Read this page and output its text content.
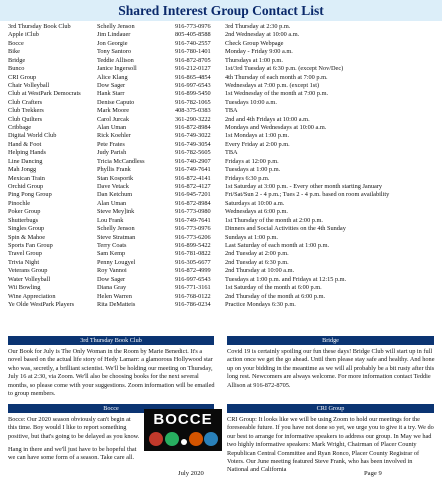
Shared Interest Group Contact List
3rd Thursday Book Club	Schelly Jenson	916-773-0976	3rd Thursday at 2:30 p.m.
Apple iClub	Jim Lindauer	805-405-8588	2nd Wednesday at 10:00 a.m.
Bocce	Jon Georgie	916-740-2557	Check Group Webpage
Bike	Tony Santoro	916-780-1401	Monday - Friday 9:00 a.m.
Bridge	Teddie Allison	916-872-8705	Thursdays at 1:00 p.m.
Bunco	Janice Ingersoll	916-212-0127	1st/3rd Tuesday at 6:30 p.m. (except Nov/Dec)
CRI Group	Alice Klang	916-865-4854	4th Thursday of each month at 7:00 p.m.
Chair Volleyball	Dow Sager	916-997-6543	Wednesdays at 7:00 p.m. (except 1st)
Club at WestPark Democrats	Hank Starr	916-899-5450	1st Wednesday of the month at 7:00 p.m.
Club Crafters	Denise Caputo	916-782-1065	Tuesdays 10:00 a.m.
Club Trekkers	Mark Moore	408-375-0383	TBA
Club Quilters	Carol Jurcak	361-290-3222	2nd and 4th Fridays at 10:00 a.m.
Cribbage	Alan Uman	916-872-8984	Mondays and Wednesdays at 10:00 a.m.
Digital World Club	Rick Koehler	916-749-3022	1st Mondays at 1:00 p.m.
Hand & Foot	Pete Frates	916-749-3054	Every Friday at 2:00 p.m.
Helping Hands	Judy Parish	916-782-5605	TBA
Line Dancing	Tricia McCandless	916-740-2907	Fridays at 12:00 p.m.
Mah Jongg	Phyllis Frank	916-749-7641	Tuesdays at 1:00 p.m.
Mexican Train	Stan Kosporik	916-872-4141	Fridays 6:30 p.m.
Orchid Group	Dave Vetack	916-872-4127	1st Saturday at 3:00 p.m. - Every other month starting January
Ping Pong Group	Dan Ketchum	916-945-7201	Fri/Sat/Sun 2 - 4 p.m.; Tues 2 - 4 p.m. based on room availability
Pinochle	Alan Uman	916-872-8984	Saturdays at 10:00 a.m.
Poker Group	Steve Mey]ink	916-773-0980	Wednesdays at 6:00 p.m.
Shutterbugs	Lou Frank	916-749-7641	1st Thursday of the month at 2:00 p.m.
Singles Group	Schelly Jenson	916-773-0976	Dinners and Social Activities on the 4th Sunday
Spin & Mahoe	Steve Stratman	916-773-6206	Sundays at 1:00 p.m.
Sports Fan Group	Terry Coats	916-899-5422	Last Saturday of each month at 1:00 p.m.
Travel Group	Sam Kemp	916-781-0822	2nd Tuesday at 2:00 p.m.
Trivia Night	Penny Lougyel	916-305-6677	2nd Tuesday at 6:30 p.m.
Veterans Group	Roy Vannoi	916-872-4999	2nd Thursday at 10:00 a.m.
Water Volleyball	Dow Sager	916-997-6543	Tuesdays at 1:00 p.m. and Fridays at 12:15 p.m.
Wii Bowling	Diana Gray	916-771-3161	1st Saturday of the month at 6:00 p.m.
Wine Appreciation	Helen Warren	916-768-0122	2nd Thursday of the month at 6:00 p.m.
Ye Olde WestPark Players	Rita DeMatteis	916-786-0234	Practice Mondays 6:30 p.m.
3rd Thursday Book Club	Bridge

Our Book for July is The Only Woman in the Room by Marie Benedict. It's a novel based on the actual life story of Hedy Lamarr: a glamorous Hollywood star who was, secretly, a brilliant scientist. We'll be holding our meeting on Thursday, July 16 at 2:30, via Zoom. We'll also be choosing books for the next several months, so please come with your suggestions. Zoom information will be emailed to group members.

Covid 19 is certainly spoiling our fun these days! Bridge Club will start up in full action once we get the go ahead. Until then please stay safe and healthy. And hone up on your bidding in the meantime as we will all probably be a bit rusty after this long rest. Newcomers are always welcome. For more information contact Teddie Allison at 916-872-8705.

Bocce	CRI Group

Bocce: Our 2020 season obviously can't begin at this time. Boy would I like to report something positive, but that's going to be delayed as you know.

Hang in there and we'll just have to be hopeful that we can have some form of a season. Take care all.

BOCCE	CRI Group: It looks like we will be using Zoom to hold our meetings for the foreseeable future. If you have not done so yet, we urge you to give it a try. We do our best to arrange for informative speakers to address our group. In May we had two highly informative speakers: Mark Wright, Chairman of Placer County Republican Central Committee and Ryan Ronco, Placer County Registrar of Voters. Our June meeting featured Steve Frank, who has been involved in National and California

July 2020	Page 9
